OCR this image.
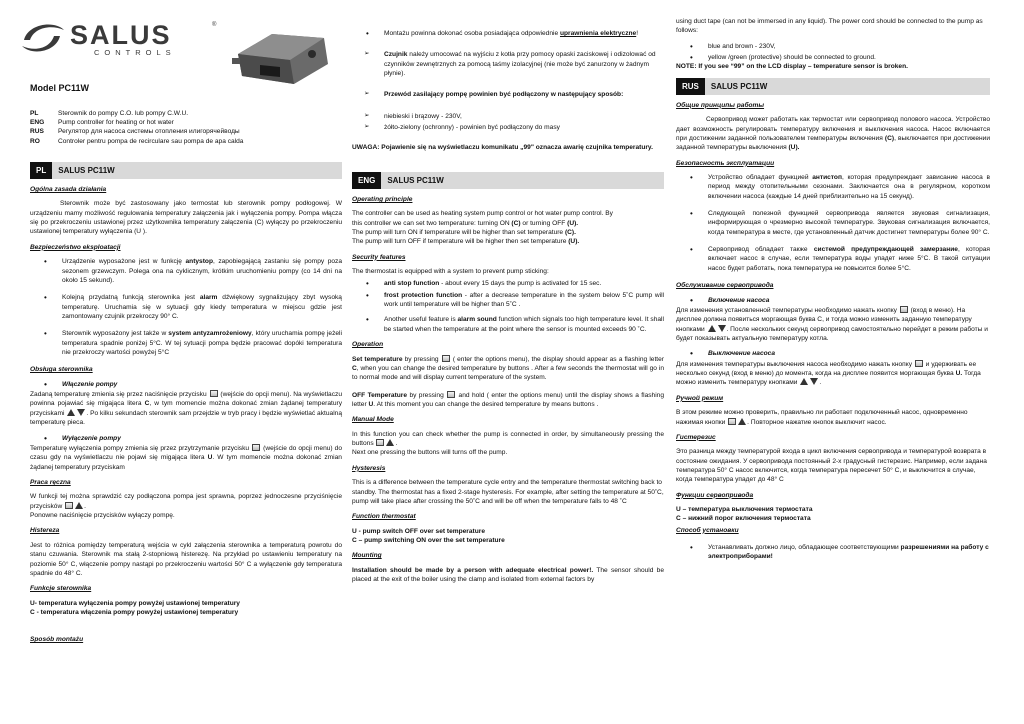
SALUS	®
CONTROLS
Model PC11W
PL	Sterownik do pompy C.O. lub pompy C.W.U.
ENG	Pump controller for heating or hot water
RUS	Регулятор для насоса системы отопления илигорячейводы
RO	Controler pentru pompa de recirculare sau pompa de apa calda
PL	SALUS PC11W
Ogólna zasada działania

Sterownik może być zastosowany jako termostat lub sterownik pompy podłogowej. W urządzeniu mamy możliwość regulowania temperatury załączenia jak i wyłączenia pompy. Pompa włącza się po przekroczeniu ustawionej przez użytkownika temperatury załączenia (C) wyłączy po przekroczeniu ustawionej temperatury wyłączenia (U ).

Bezpieczeństwo eksploatacji
• Urządzenie wyposażone jest w funkcję antystop, zapobiegającą zastaniu się pompy poza sezonem grzewczym. Polega ona na cyklicznym, krótkim uruchomieniu pompy (co 14 dni na około 15 sekund).
• Kolejną przydatną funkcją sterownika jest alarm dźwiękowy sygnalizujący zbyt wysoką temperaturę. Uruchamia się w sytuacji gdy kiedy temperatura w miejscu gdzie jest zamontowany czujnik przekroczy 90° C.
• Sterownik wyposażony jest także w system antyzamrożeniowy, który uruchamia pompę jeżeli temperatura spadnie poniżej 5°C. W tej sytuacji pompa będzie pracować dopóki temperatura nie przekroczy wartości powyżej 5°C
Obsługa sterownika
• Włączenie pompy

Zadaną temperaturę zmienia się przez naciśnięcie przycisku  (wejście do opcji menu). Na wyświetlaczu powinna pojawiać się migająca litera C, w tym momencie można dokonać zmian żądanej temperatury przyciskami	. Po kilku sekundach sterownik sam przejdzie w tryb pracy i będzie wyświetlać aktualną temperaturę pieca.

• Wyłączenie pompy

Temperaturę wyłączenia pompy zmienia się przez przytrzymanie przycisku  (wejście do opcji menu) do czasu gdy na wyświetlaczu nie pojawi się migająca litera U. W tym momencie można dokonać zmian żądanej temperatury przyciskam

Praca ręczna

W funkcji tej można sprawdzić czy podłączona pompa jest sprawna, poprzez jednoczesne przyciśnięcie przycisków	.

Ponowne naciśnięcie przycisków wyłączy pompę.

Histereza

Jest to różnica pomiędzy temperaturą wejścia w cykl załączenia sterownika a temperaturą powrotu do stanu czuwania. Sterownik ma stałą 2-stopniową histerezę. Na przykład po ustawieniu temperatury na poziomie 50° C, włączenie pompy nastąpi po przekroczeniu wartości 50° C a wyłączenie gdy temperatura spadnie do 48° C.

Funkcje sterownika

U- temperatura wyłączenia pompy powyżej ustawionej temperatury

C - temperatura włączenia pompy powyżej ustawionej temperatury

Sposób montażu
• Montażu powinna dokonać osoba posiadająca odpowiednie uprawnienia elektryczne!
➢ Czujnik należy umocować na wyjściu z kotła przy pomocy opaski zaciskowej i odizolować od czynników zewnętrznych za pomocą taśmy izolacyjnej (nie może być zanurzony w żadnym płynie).
➢ Przewód zasilający pompę powinien być podłączony w następujący sposób:
➢ niebieski i brązowy - 230V,
➢ żółto-zielony (ochronny) - powinien być podłączony do masy

UWAGA: Pojawienie się na wyświetlaczu komunikatu „99" oznacza awarię czujnika temperatury.

ENG	SALUS PC11W
Operating principle

The controller can be used as heating system pump control or hot water pump control. By

this controller we can set two temperature: turning ON (C) or turning OFF (U).

The pump will turn ON if temperature will be higher than set temperature (C).

The pump will turn OFF if temperature will be higher then set temperature (U).

Security features

The thermostat is equipped with a system to prevent pump sticking:

• anti stop function - about every 15 days the pump is activated for 15 sec.
• frost protection function - after a decrease temperature in the system below 5˚C pump will work until temperature will be higher than 5˚C .
• Another useful feature is alarm sound function which signals too high temperature level. It shall be started when the temperature at the point where the sensor is mounted exceeds 90 ˚C.
Operation

Set temperature by pressing  ( enter the options menu), the display should appear as a flashing letter C, when you can change the desired temperature by buttons . After a few seconds the thermostat will go in to normal mode and will display current temperature of the system.

OFF Temperature by pressing  and hold ( enter the options menu) until the display shows a flashing letter U. At this moment you can change the desired temperature by means buttons .

Manual Mode

In this function you can check whether the pump is connected in order, by simultaneously pressing the buttons	.

Next one pressing the buttons will turns off the pump.

Hysteresis

This is a difference between the temperature cycle entry and the temperature thermostat switching back to standby. The thermostat has a fixed 2-stage hysteresis. For example, after setting the temperature at 50˚C, pump will take place after crossing the 50˚C and will be off when the temperature falls to 48 ˚C

Function thermostat

U - pump switch OFF over set temperature

C – pump switching ON over the set temperature

Mounting

Installation should be made by a person with adequate electrical power!. The sensor should be placed at the exit of the boiler using the clamp and isolated from external factors by

using duct tape (can not be immersed in any liquid). The power cord should be connected to the pump as follows:

• blue and brown - 230V,
• yellow /green (protective) should be connected to ground.

NOTE: If you see “99” on the LCD display – temperature sensor is broken.

RUS	SALUS PC11W
Общие принципы работы

Сервопривод может работать как термостат или сервопривод полового насоса. Устройство дает возможность регулировать температуру включения и выключения насоса. Насос включается при достижении заданной пользователем температуры включения (С), выключается при достижении заданной температуры выключения (U).

Безопасность эксплуатации
• Устройство обладает функцией антистоп, которая предупреждает зависание насоса в период между отопительными сезонами. Заключается она в регулярном, коротком включении насоса (каждые 14 дней приблизительно на 15 секунд).
• Следующей полезной функцией сервопривода является звуковая сигнализация, информирующая о чрезмерно высокой температуре. Звуковая сигнализация включается, когда температура в месте, где установленный датчик достигнет температуры более 90° С.
• Сервопривод обладает также системой предупреждающей замерзание, которая включает насос в случае, если температура воды упадет ниже 5°С. В такой ситуации насос будет работать, пока температура не повысится более 5°С.
Обслуживание сервопривода
• Включение насоса

Для изменения установленной температуры необходимо нажать кнопку  (вход в меню). На дисплее должна появиться моргающая буква С, и тогда можно изменить заданную температуру кнопками	. После нескольких секунд сервопривод самостоятельно перейдет в режим работы и будет показывать актуальную температуру котла.

• Выключение насоса

Для изменения температуры выключения насоса необходимо нажать кнопку  и удерживать ее несколько секунд (вход в меню) до момента, когда на дисплее появится моргающая буква U. Тогда можно изменить температуру кнопками	.

Ручной режим

В этом режиме можно проверить, правильно ли работает подключенный насос, одновременно нажимая кнопки	. Повторное нажатие кнопок выключит насос.

Гистерезис

Это разница между температурой входа в цикл включения сервопривода и температурой возврата в состояние ожидания. У сервопривода постоянный 2-х градусный гистерезис. Например, если задана температура 50° С насос включится, когда температура пересечет 50° С, и выключится в случае, когда температура упадет до 48° С

Функции сервопривода

U – температура выключения термостата

С – нижний порог включения термостата

Способ установки
• Устанавливать должно лицо, обладающее соответствующими разрешениями на работу с электроприборами!
